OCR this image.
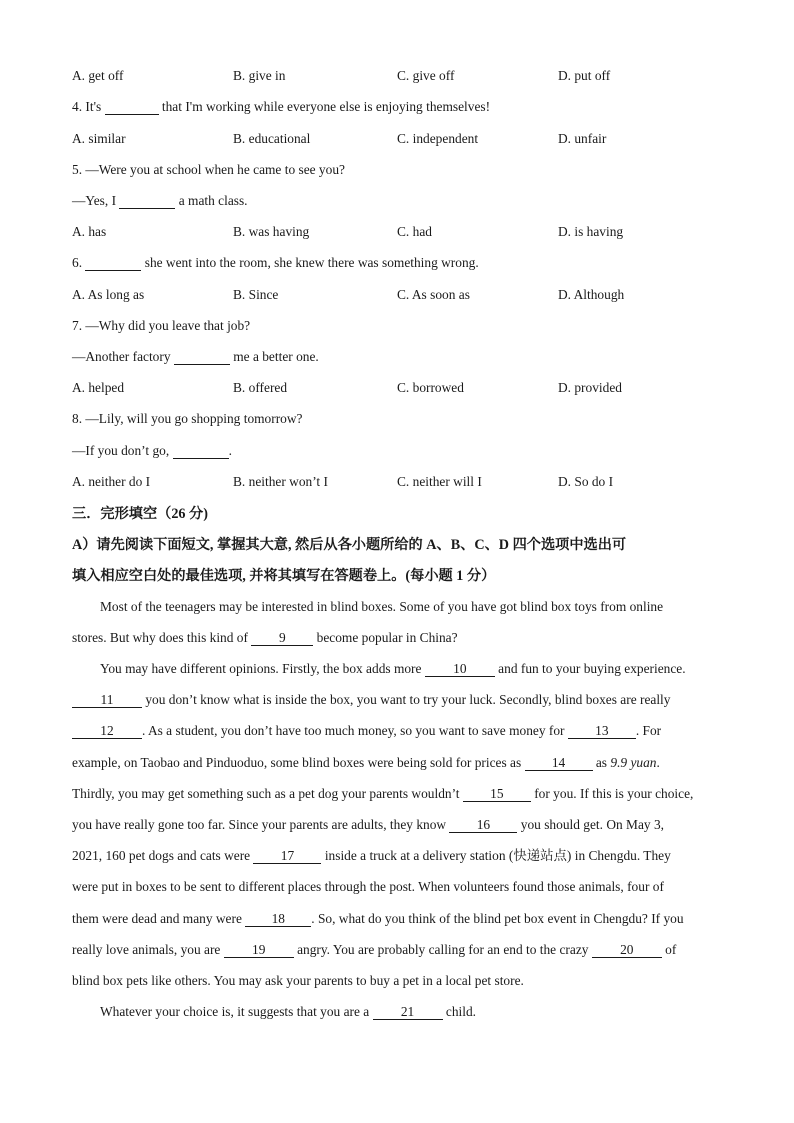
A. get off	B. give in	C. give off	D. put off
4. It's	that I'm working while everyone else is enjoying themselves!
A. similar	B. educational	C. independent	D. unfair
5. —Were you at school when he came to see you?
—Yes, I	a math class.
A. has	B. was having	C. had	D. is having
6.	she went into the room, she knew there was something wrong.
A. As long as	B. Since	C. As soon as	D. Although
7. —Why did you leave that job?
—Another factory	me a better one.
A. helped	B. offered	C. borrowed	D. provided
8. —Lily, will you go shopping tomorrow?
—If you don’t go,	.
A. neither do I	B. neither won’t I	C. neither will I	D. So do I
三．完形填空（26 分)
A）请先阅读下面短文, 掌握其大意, 然后从各小题所给的 A、B、C、D 四个选项中选出可
填入相应空白处的最佳选项, 并将其填写在答题卷上。(每小题 1 分）
Most of the teenagers may be interested in blind boxes. Some of you have got blind box toys from online
stores. But why does this kind of 9 become popular in China?
You may have different opinions. Firstly, the box adds more 10 and fun to your buying experience.
11 you don’t know what is inside the box, you want to try your luck. Secondly, blind boxes are really
12 . As a student, you don’t have too much money, so you want to save money for 13 . For
example, on Taobao and Pinduoduo, some blind boxes were being sold for prices as 14 as 9.9 yuan.
Thirdly, you may get something such as a pet dog your parents wouldn’t 15 for you. If this is your choice,
you have really gone too far. Since your parents are adults, they know 16 you should get. On May 3,
2021, 160 pet dogs and cats were 17 inside a truck at a delivery station (快递站点) in Chengdu. They
were put in boxes to be sent to different places through the post. When volunteers found those animals, four of
them were dead and many were 18 . So, what do you think of the blind pet box event in Chengdu? If you
really love animals, you are 19 angry. You are probably calling for an end to the crazy 20 of
blind box pets like others. You may ask your parents to buy a pet in a local pet store.
Whatever your choice is, it suggests that you are a 21 child.
